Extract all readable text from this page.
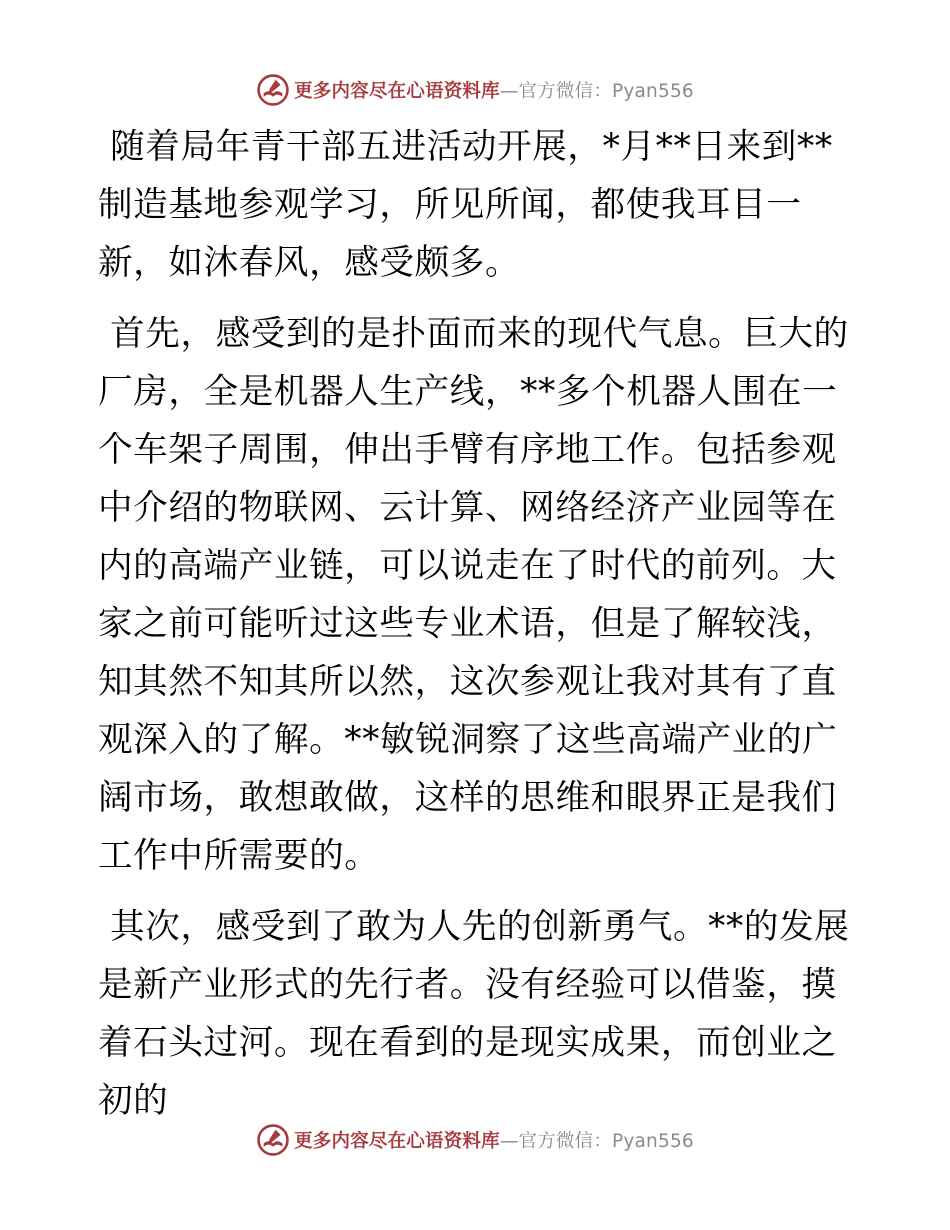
更多内容尽在心语资料库—官方微信：Pyan556

随着局年青干部五进活动开展，*月**日来到**制造基地参观学习，所见所闻，都使我耳目一新，如沐春风，感受颇多。

首先，感受到的是扑面而来的现代气息。巨大的厂房，全是机器人生产线，**多个机器人围在一个车架子周围，伸出手臂有序地工作。包括参观中介绍的物联网、云计算、网络经济产业园等在内的高端产业链，可以说走在了时代的前列。大家之前可能听过这些专业术语，但是了解较浅，知其然不知其所以然，这次参观让我对其有了直观深入的了解。**敏锐洞察了这些高端产业的广阔市场，敢想敢做，这样的思维和眼界正是我们工作中所需要的。

其次，感受到了敢为人先的创新勇气。**的发展是新产业形式的先行者。没有经验可以借鉴，摸着石头过河。现在看到的是现实成果，而创业之初的

更多内容尽在心语资料库—官方微信：Pyan556
